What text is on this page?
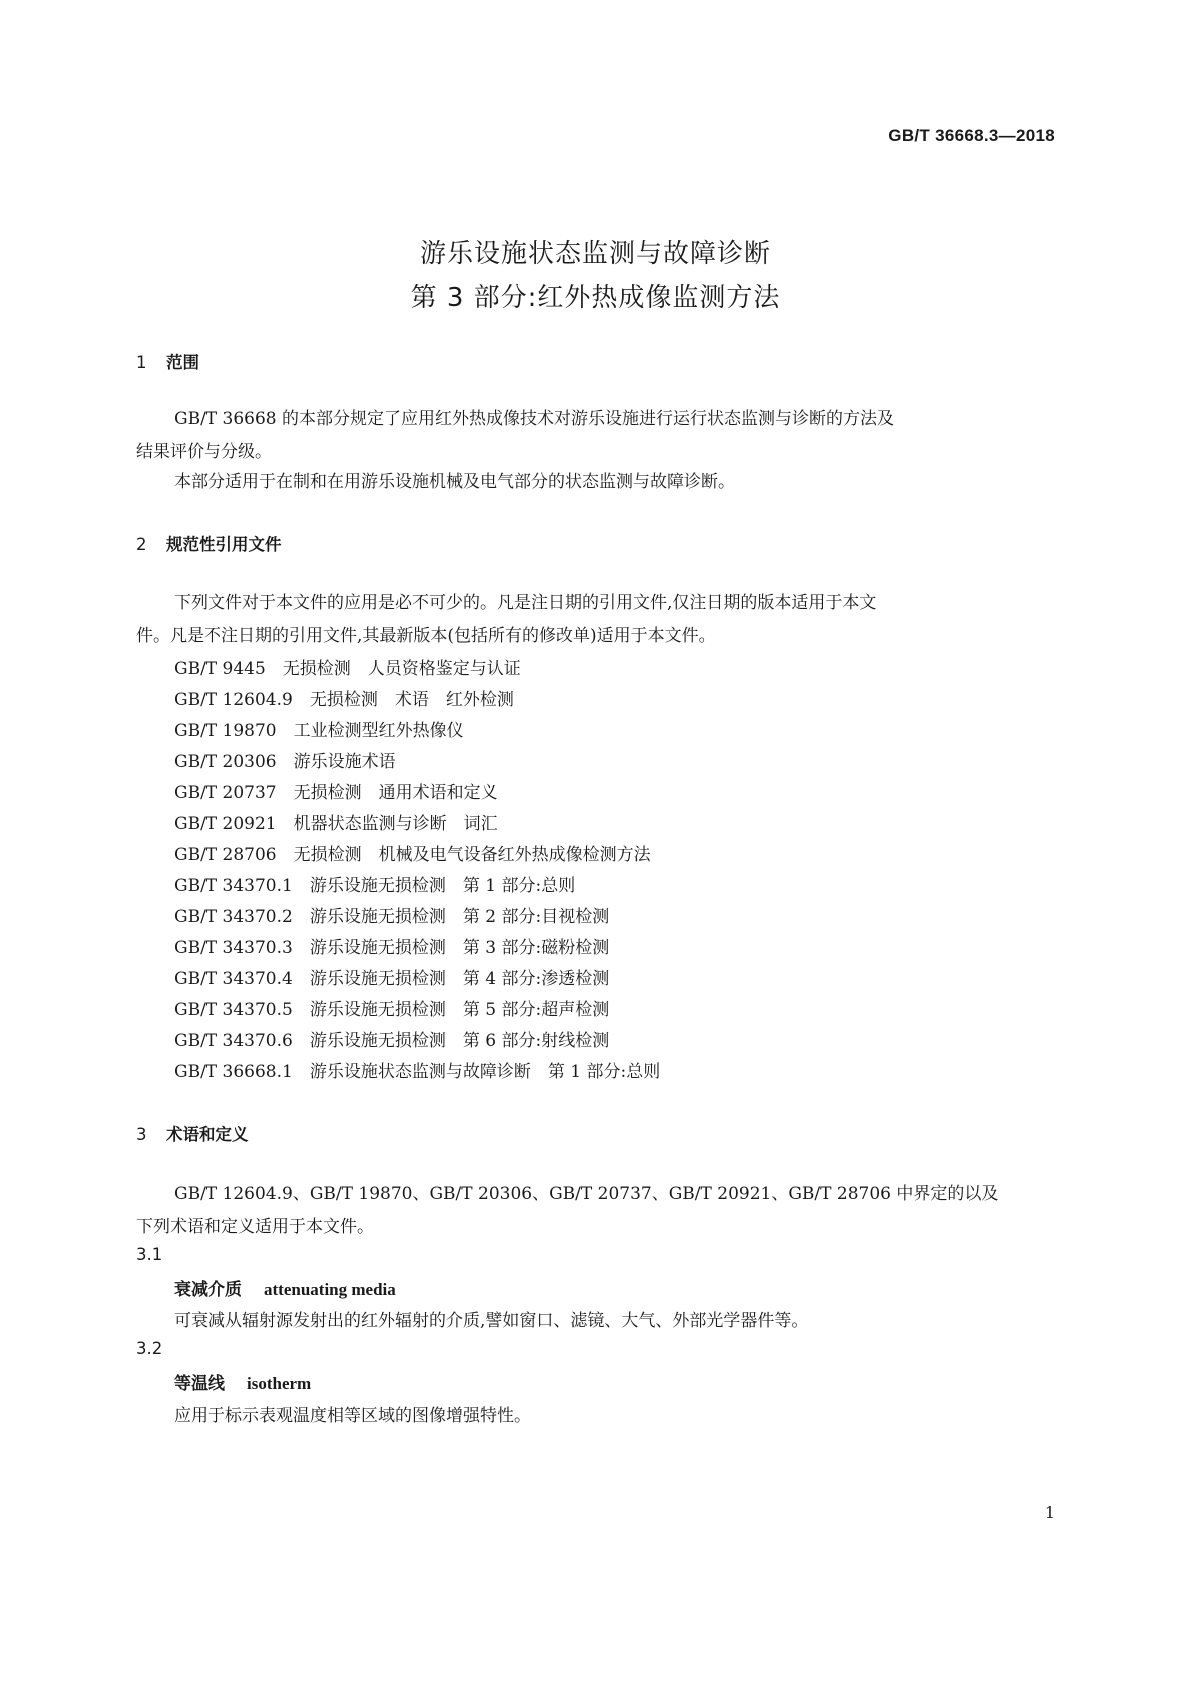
GB/T 36668.3—2018
游乐设施状态监测与故障诊断
第 3 部分:红外热成像监测方法
1 范围
GB/T 36668 的本部分规定了应用红外热成像技术对游乐设施进行运行状态监测与诊断的方法及
结果评价与分级。
本部分适用于在制和在用游乐设施机械及电气部分的状态监测与故障诊断。
2 规范性引用文件
下列文件对于本文件的应用是必不可少的。凡是注日期的引用文件,仅注日期的版本适用于本文
件。凡是不注日期的引用文件,其最新版本(包括所有的修改单)适用于本文件。
GB/T 9445　无损检测　人员资格鉴定与认证
GB/T 12604.9　无损检测　术语　红外检测
GB/T 19870　工业检测型红外热像仪
GB/T 20306　游乐设施术语
GB/T 20737　无损检测　通用术语和定义
GB/T 20921　机器状态监测与诊断　词汇
GB/T 28706　无损检测　机械及电气设备红外热成像检测方法
GB/T 34370.1　游乐设施无损检测　第 1 部分:总则
GB/T 34370.2　游乐设施无损检测　第 2 部分:目视检测
GB/T 34370.3　游乐设施无损检测　第 3 部分:磁粉检测
GB/T 34370.4　游乐设施无损检测　第 4 部分:渗透检测
GB/T 34370.5　游乐设施无损检测　第 5 部分:超声检测
GB/T 34370.6　游乐设施无损检测　第 6 部分:射线检测
GB/T 36668.1　游乐设施状态监测与故障诊断　第 1 部分:总则
3 术语和定义
GB/T 12604.9、GB/T 19870、GB/T 20306、GB/T 20737、GB/T 20921、GB/T 28706 中界定的以及
下列术语和定义适用于本文件。
3.1
衰减介质 attenuating media
可衰减从辐射源发射出的红外辐射的介质,譬如窗口、滤镜、大气、外部光学器件等。
3.2
等温线 isotherm
应用于标示表观温度相等区域的图像增强特性。
1
